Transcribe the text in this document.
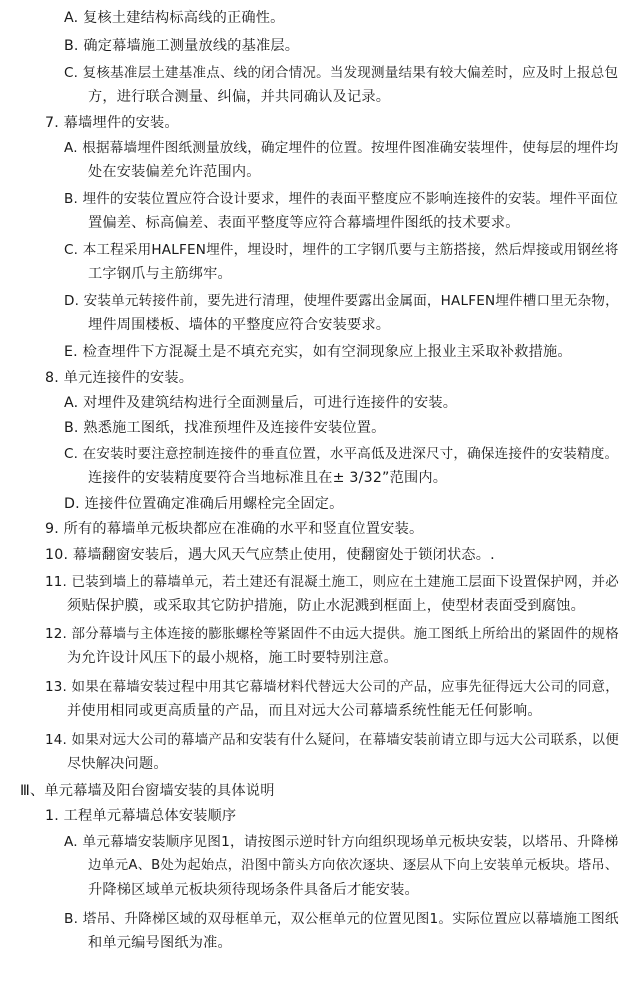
A. 复核土建结构标高线的正确性。
B. 确定幕墙施工测量放线的基准层。
C. 复核基准层土建基准点、线的闭合情况。当发现测量结果有较大偏差时，应及时上报总包
方，进行联合测量、纠偏，并共同确认及记录。
7. 幕墙埋件的安装。
A. 根据幕墙埋件图纸测量放线，确定埋件的位置。按埋件图准确安装埋件，使每层的埋件均
处在安装偏差允许范围内。
B. 埋件的安装位置应符合设计要求，埋件的表面平整度应不影响连接件的安装。埋件平面位
置偏差、标高偏差、表面平整度等应符合幕墙埋件图纸的技术要求。
C. 本工程采用HALFEN埋件，埋设时，埋件的工字钢爪要与主筋搭接，然后焊接或用钢丝将
工字钢爪与主筋绑牢。
D. 安装单元转接件前，要先进行清理，使埋件要露出金属面，HALFEN埋件槽口里无杂物，
埋件周围楼板、墙体的平整度应符合安装要求。
E. 检查埋件下方混凝土是不填充充实，如有空洞现象应上报业主采取补救措施。
8. 单元连接件的安装。
A. 对埋件及建筑结构进行全面测量后，可进行连接件的安装。
B. 熟悉施工图纸，找准预埋件及连接件安装位置。
C. 在安装时要注意控制连接件的垂直位置，水平高低及进深尺寸，确保连接件的安装精度。
连接件的安装精度要符合当地标准且在± 3/32”范围内。
D. 连接件位置确定准确后用螺栓完全固定。
9. 所有的幕墙单元板块都应在准确的水平和竖直位置安装。
10. 幕墙翻窗安装后，遇大风天气应禁止使用，使翻窗处于锁闭状态。.
11. 已装到墙上的幕墙单元，若土建还有混凝土施工，则应在土建施工层面下设置保护网，并必
须贴保护膜，或采取其它防护措施，防止水泥溅到框面上，使型材表面受到腐蚀。
12. 部分幕墙与主体连接的膨胀螺栓等紧固件不由远大提供。施工图纸上所给出的紧固件的规格
为允许设计风压下的最小规格，施工时要特别注意。
13. 如果在幕墙安装过程中用其它幕墙材料代替远大公司的产品，应事先征得远大公司的同意，
并使用相同或更高质量的产品，而且对远大公司幕墙系统性能无任何影响。
14. 如果对远大公司的幕墙产品和安装有什么疑问，在幕墙安装前请立即与远大公司联系，以便
尽快解决问题。
Ⅲ、单元幕墙及阳台窗墙安装的具体说明
1. 工程单元幕墙总体安装顺序
A. 单元幕墙安装顺序见图1，请按图示逆时针方向组织现场单元板块安装，以塔吊、升降梯
边单元A、B处为起始点，沿图中箭头方向依次逐块、逐层从下向上安装单元板块。塔吊、
升降梯区域单元板块须待现场条件具备后才能安装。
B. 塔吊、升降梯区域的双母框单元，双公框单元的位置见图1。实际位置应以幕墙施工图纸
和单元编号图纸为准。
